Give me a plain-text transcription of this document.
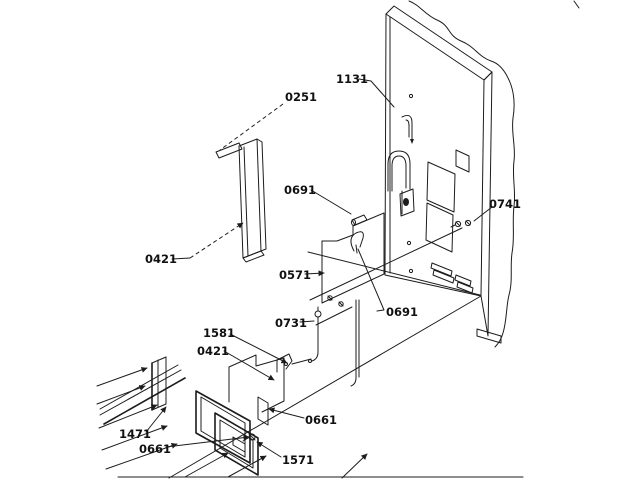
1131
0251
0691
0741
0421
0571
0691
0731
1581
0421
0661
1471
0661
1571
